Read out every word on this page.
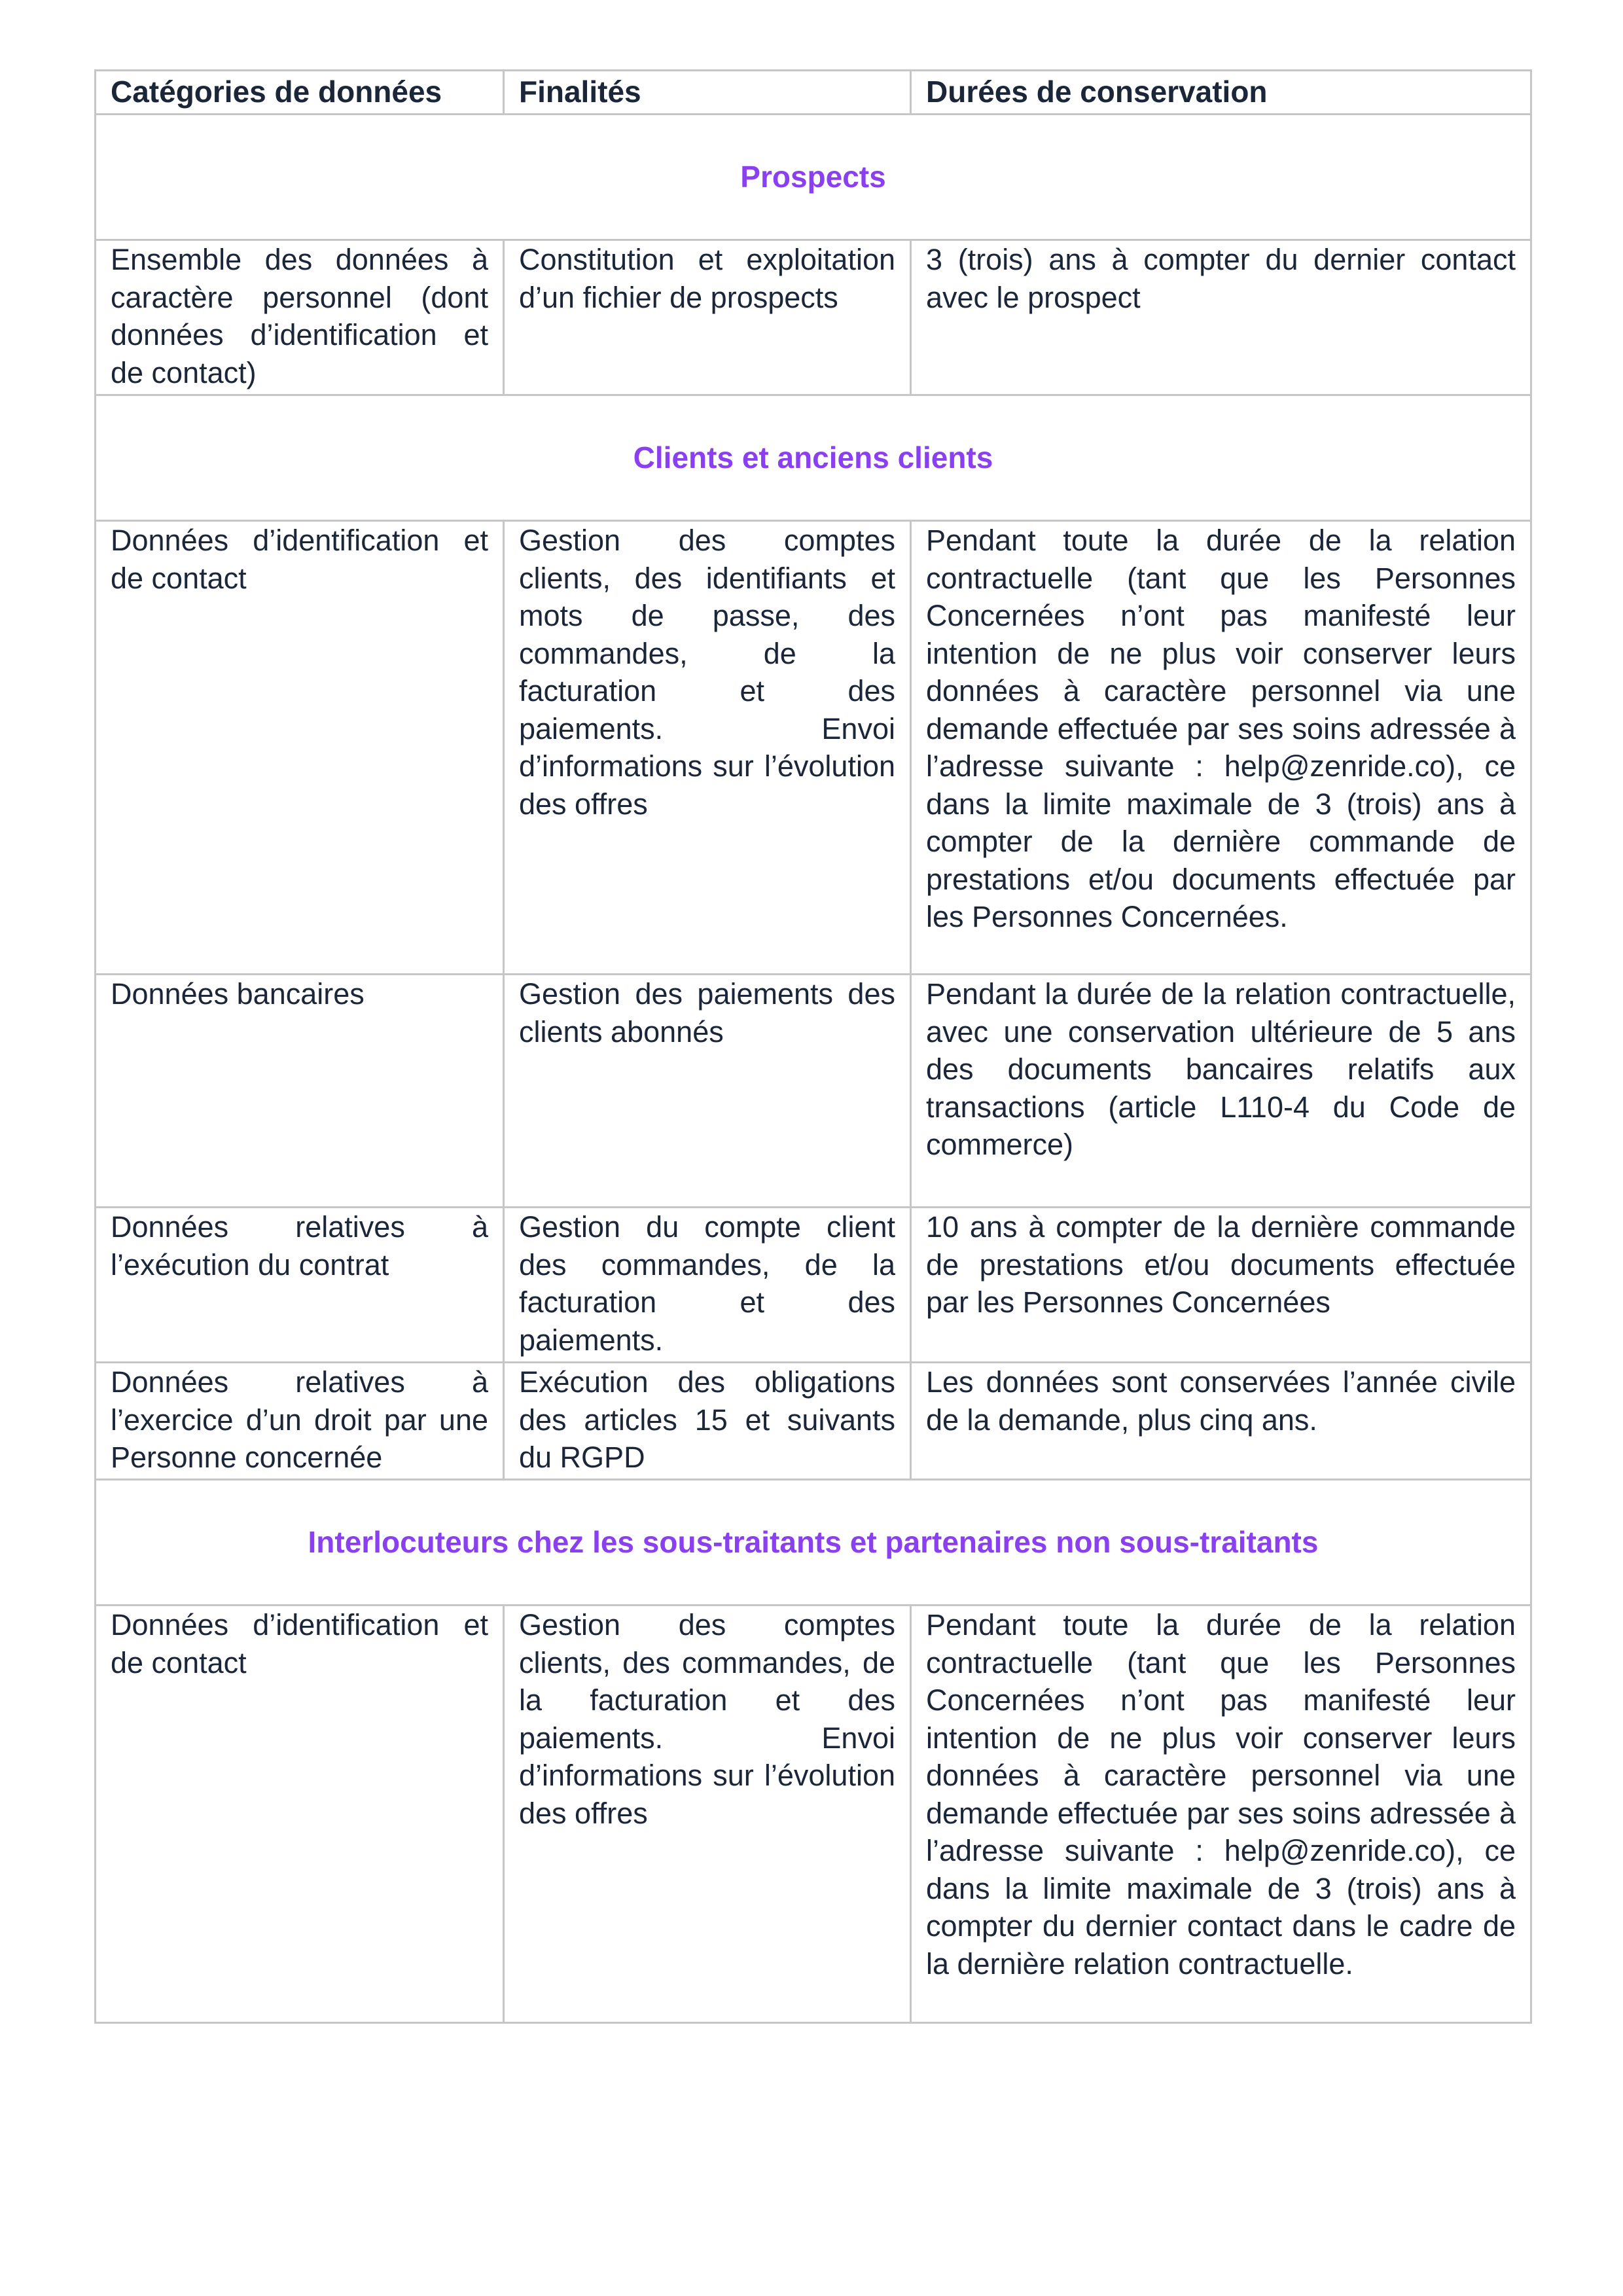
Catégories de données	Finalités	Durées de conservation
Prospects		
Ensemble des données à caractère personnel (dont données d’identification et de contact)	Constitution et exploitation d’un fichier de prospects	3 (trois) ans à compter du dernier contact avec le prospect
Clients et anciens clients		
Données d’identification et de contact	Gestion des comptes clients, des identifiants et mots de passe, des commandes, de la facturation et des paiements. Envoi d’informations sur l’évolution des offres	Pendant toute la durée de la relation contractuelle (tant que les Personnes Concernées n’ont pas manifesté leur intention de ne plus voir conserver leurs données à caractère personnel via une demande effectuée par ses soins adressée à l’adresse suivante : help@zenride.co), ce dans la limite maximale de 3 (trois) ans à compter de la dernière commande de prestations et/ou documents effectuée par les Personnes Concernées.
Données bancaires	Gestion des paiements des clients abonnés	Pendant la durée de la relation contractuelle, avec une conservation ultérieure de 5 ans des documents bancaires relatifs aux transactions (article L110-4 du Code de commerce)
Données relatives à l’exécution du contrat	Gestion du compte client des commandes, de la facturation et des paiements.	10 ans à compter de la dernière commande de prestations et/ou documents effectuée par les Personnes Concernées
Données relatives à l’exercice d’un droit par une Personne concernée	Exécution des obligations des articles 15 et suivants du RGPD	Les données sont conservées l’année civile de la demande, plus cinq ans.
Interlocuteurs chez les sous-traitants et partenaires non sous-traitants		
Données d’identification et de contact	Gestion des comptes clients, des commandes, de la facturation et des paiements. Envoi d’informations sur l’évolution des offres	Pendant toute la durée de la relation contractuelle (tant que les Personnes Concernées n’ont pas manifesté leur intention de ne plus voir conserver leurs données à caractère personnel via une demande effectuée par ses soins adressée à l’adresse suivante : help@zenride.co), ce dans la limite maximale de 3 (trois) ans à compter du dernier contact dans le cadre de la dernière relation contractuelle.
